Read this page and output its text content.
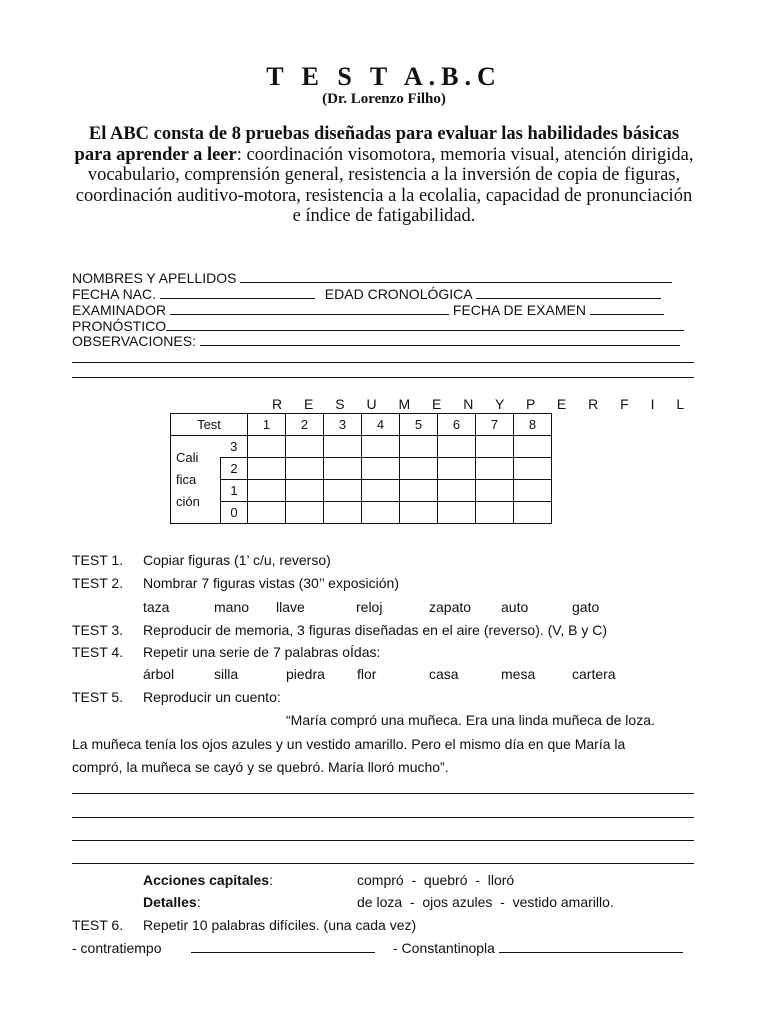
T E S T A.B.C
(Dr. Lorenzo Filho)
El ABC consta de 8 pruebas diseñadas para evaluar las habilidades básicas para aprender a leer: coordinación visomotora, memoria visual, atención dirigida, vocabulario, comprensión general, resistencia a la inversión de copia de figuras, coordinación auditivo-motora, resistencia a la ecolalia, capacidad de pronunciación e índice de fatigabilidad.
NOMBRES Y APELLIDOS
FECHA NAC.	EDAD CRONOLÓGICA
EXAMINADOR	FECHA DE EXAMEN
PRONÓSTICO
OBSERVACIONES:
R E S U M E N Y P E R F I L
Test		1	2	3	4	5	6	7	8
Cali
fica
ción	3								
	2								
	1								
	0								
TEST 1. Copiar figuras (1’ c/u, reverso)
TEST 2. Nombrar 7 figuras vistas (30’’ exposición)
taza	mano llave	reloj	zapato auto	gato
TEST 3. Reproducir de memoria, 3 figuras diseñadas en el aire (reverso). (V, B y C)
TEST 4. Repetir una serie de 7 palabras oÍdas:
árbol	silla	piedra flor	casa	mesa	cartera
TEST 5. Reproducir un cuento:
“María compró una muñeca. Era una linda muñeca de loza.
La muñeca tenía los ojos azules y un vestido amarillo. Pero el mismo día en que María la
compró, la muñeca se cayó y se quebró. María lloró mucho”.
Acciones capitales:	compró  -  quebró  -  lloró
Detalles:	de loza  -  ojos azules  -  vestido amarillo.
TEST 6. Repetir 10 palabras difíciles. (una cada vez)
- contratiempo	- Constantinopla
